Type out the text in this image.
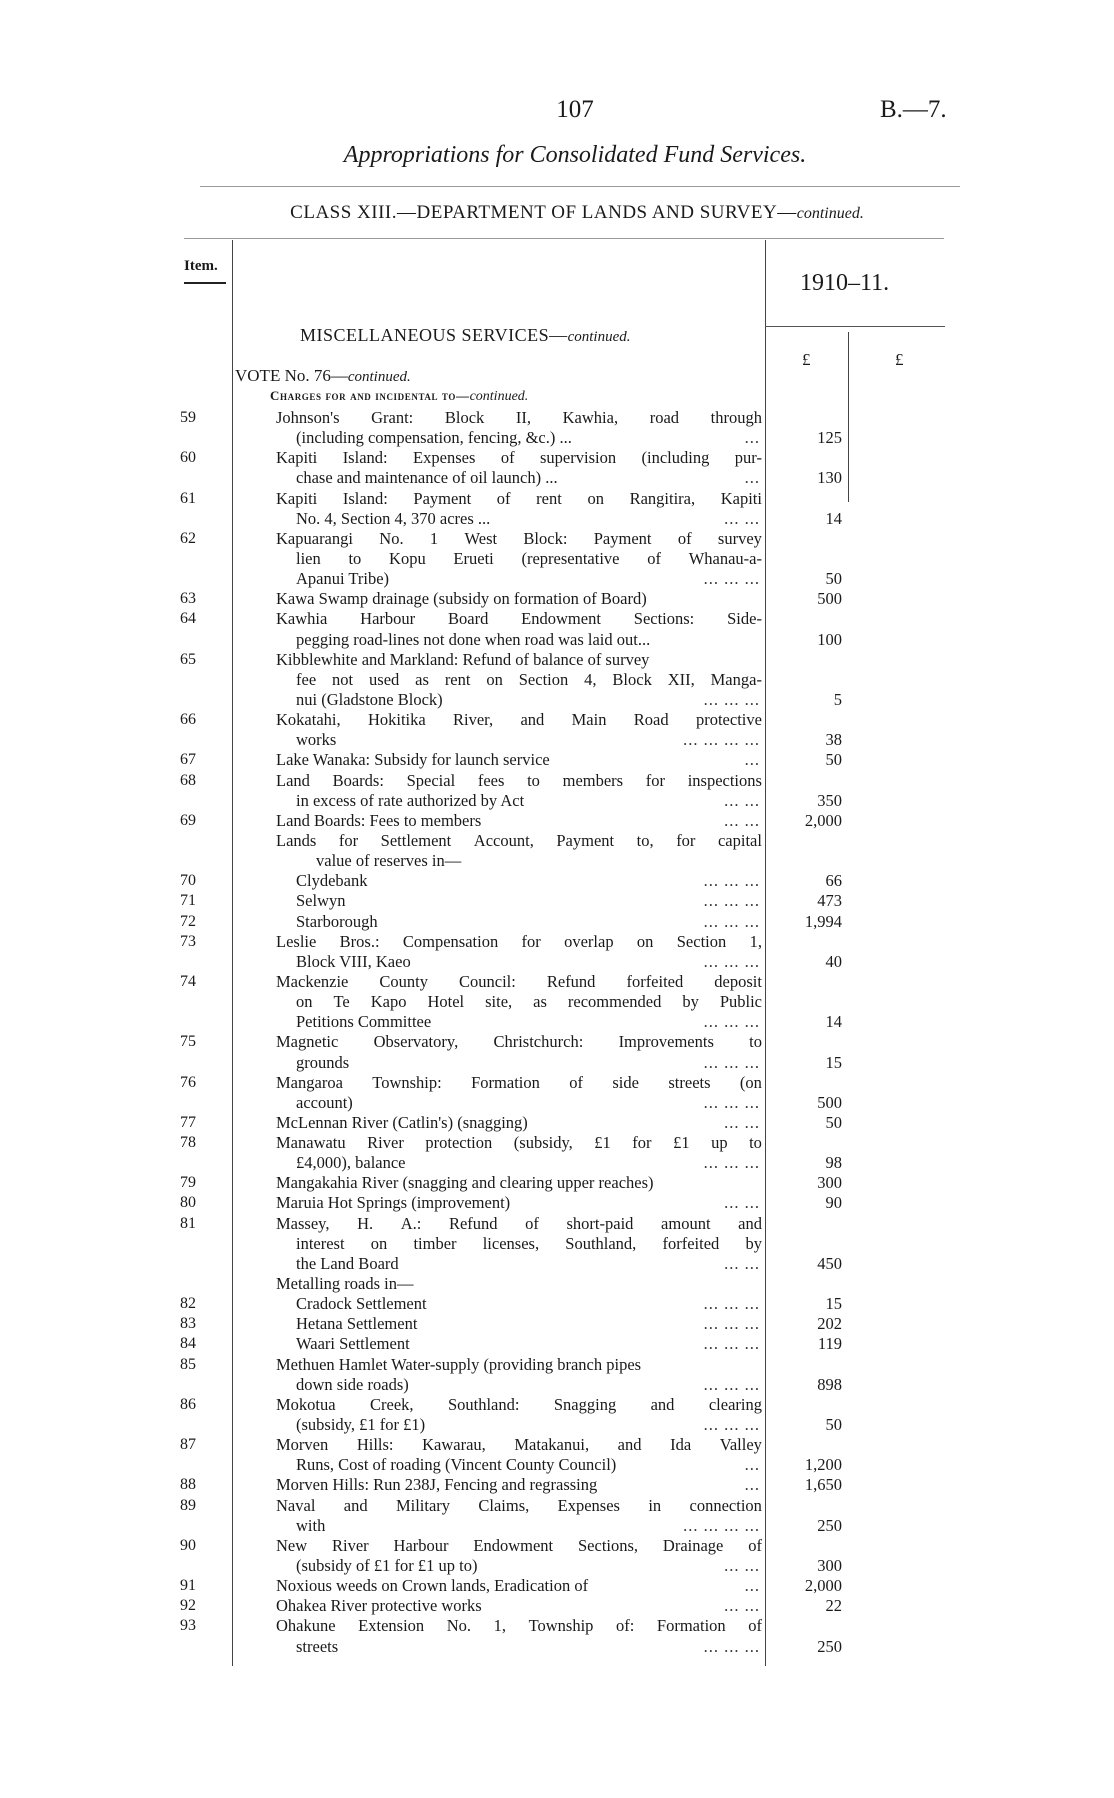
107	B.—7.
Appropriations for Consolidated Fund Services.
CLASS XIII.—DEPARTMENT OF LANDS AND SURVEY—continued.
Item.
1910–11.
£	£
MISCELLANEOUS SERVICES—continued.
VOTE No. 76—continued.
Charges for and incidental to—continued.
59	Johnson's Grant: Block II, Kawhia, road through
(including compensation, fencing, &c.) ...	...	125
60	Kapiti Island: Expenses of supervision (including pur-
chase and maintenance of oil launch) ...	...	130
61	Kapiti Island: Payment of rent on Rangitira, Kapiti
No. 4, Section 4, 370 acres ...	... ...	14
62	Kapuarangi No. 1 West Block: Payment of survey
lien to Kopu Erueti (representative of Whanau-a-
Apanui Tribe)	... ... ...	50
63	Kawa Swamp drainage (subsidy on formation of Board)	500
64	Kawhia Harbour Board Endowment Sections: Side-
pegging road-lines not done when road was laid out...	100
65	Kibblewhite and Markland: Refund of balance of survey
fee not used as rent on Section 4, Block XII, Manga-
nui (Gladstone Block)	... ... ...	5
66	Kokatahi, Hokitika River, and Main Road protective
works	... ... ... ...	38
67	Lake Wanaka: Subsidy for launch service	...	50
68	Land Boards: Special fees to members for inspections
in excess of rate authorized by Act	... ...	350
69	Land Boards: Fees to members	... ...	2,000
Lands for Settlement Account, Payment to, for capital
value of reserves in—
70	Clydebank	... ... ...	66
71	Selwyn	... ... ...	473
72	Starborough	... ... ...	1,994
73	Leslie Bros.: Compensation for overlap on Section 1,
Block VIII, Kaeo	... ... ...	40
74	Mackenzie County Council: Refund forfeited deposit
on Te Kapo Hotel site, as recommended by Public
Petitions Committee	... ... ...	14
75	Magnetic Observatory, Christchurch: Improvements to
grounds	... ... ...	15
76	Mangaroa Township: Formation of side streets (on
account)	... ... ...	500
77	McLennan River (Catlin's) (snagging)	... ...	50
78	Manawatu River protection (subsidy, £1 for £1 up to
£4,000), balance	... ... ...	98
79	Mangakahia River (snagging and clearing upper reaches)	300
80	Maruia Hot Springs (improvement)	... ...	90
81	Massey, H. A.: Refund of short-paid amount and
interest on timber licenses, Southland, forfeited by
the Land Board	... ...	450
Metalling roads in—
82	Cradock Settlement	... ... ...	15
83	Hetana Settlement	... ... ...	202
84	Waari Settlement	... ... ...	119
85	Methuen Hamlet Water-supply (providing branch pipes
down side roads)	... ... ...	898
86	Mokotua Creek, Southland: Snagging and clearing
(subsidy, £1 for £1)	... ... ...	50
87	Morven Hills: Kawarau, Matakanui, and Ida Valley
Runs, Cost of roading (Vincent County Council)	...	1,200
88	Morven Hills: Run 238J, Fencing and regrassing	...	1,650
89	Naval and Military Claims, Expenses in connection
with	... ... ... ...	250
90	New River Harbour Endowment Sections, Drainage of
(subsidy of £1 for £1 up to)	... ...	300
91	Noxious weeds on Crown lands, Eradication of	...	2,000
92	Ohakea River protective works	... ...	22
93	Ohakune Extension No. 1, Township of: Formation of
streets	... ... ...	250
